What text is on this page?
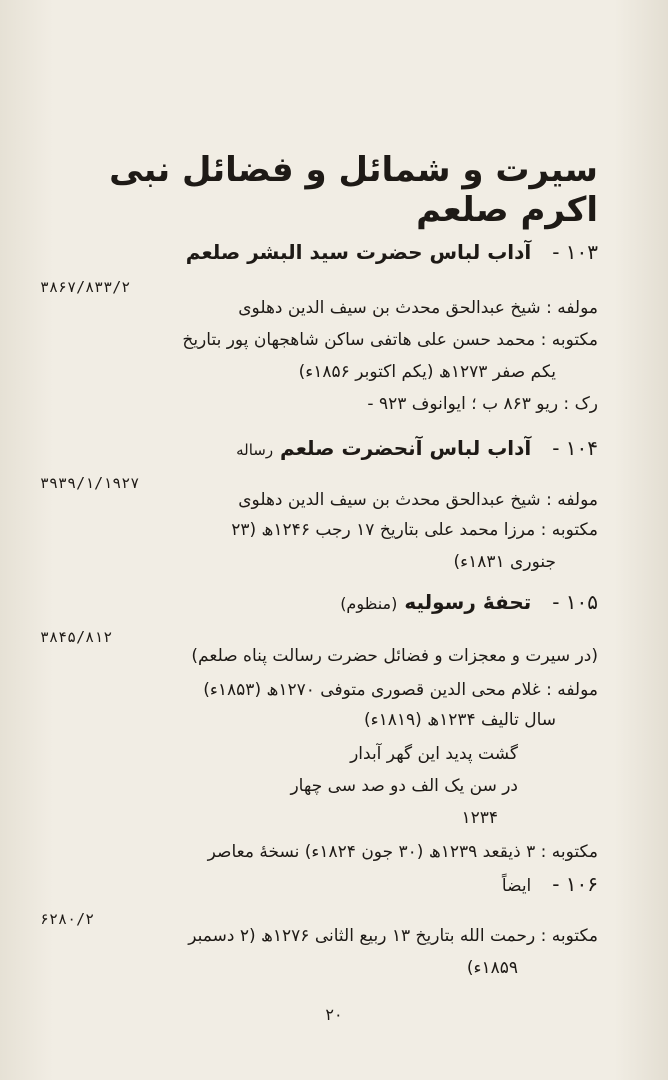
سیرت و شمائل و فضائل نبی اکرم صلعم
۱۰۳ -   آداب لباس حضرت سید البشر صلعم
۳۸۶۷/۸۳۳/۲
مولفه : شیخ عبدالحق محدث بن سیف الدین دھلوی
مکتوبه : محمد حسن علی ھاتفی ساکن شاھجھان پور بتاریخ
یکم صفر ۱۲۷۳ھ (یکم اکتوبر ۱۸۵۶ء)
رک : ریو ۸۶۳ ب ؛ ایوانوف ۹۲۳ -
۱۰۴ -   آداب لباس آنحضرت صلعم رساله
۳۹۳۹/۱/۱۹۲۷
مولفه : شیخ عبدالحق محدث بن سیف الدین دھلوی
مکتوبه : مرزا محمد علی بتاریخ ۱۷ رجب ۱۲۴۶ھ (۲۳
جنوری ۱۸۳۱ء)
۱۰۵ -   تحفهٔ رسولیه (منظوم)
۳۸۴۵/۸۱۲
(در سیرت و معجزات و فضائل حضرت رسالت پناه صلعم)
مولفه : غلام محی الدین قصوری متوفی ۱۲۷۰ھ (۱۸۵۳ء)
سال تالیف ۱۲۳۴ھ (۱۸۱۹ء)
گشت پدید این گهر آبدار
در سن یک الف دو صد سی چهار
۱۲۳۴
مکتوبه : ۳ ذیقعد ۱۲۳۹ھ (۳۰ جون ۱۸۲۴ء) نسخهٔ معاصر
۱۰۶ -   ایضاً
۶۲۸۰/۲
مکتوبه : رحمت الله بتاریخ ۱۳ ربیع الثانی ۱۲۷۶ھ (۲ دسمبر
۱۸۵۹ء)
۲۰
